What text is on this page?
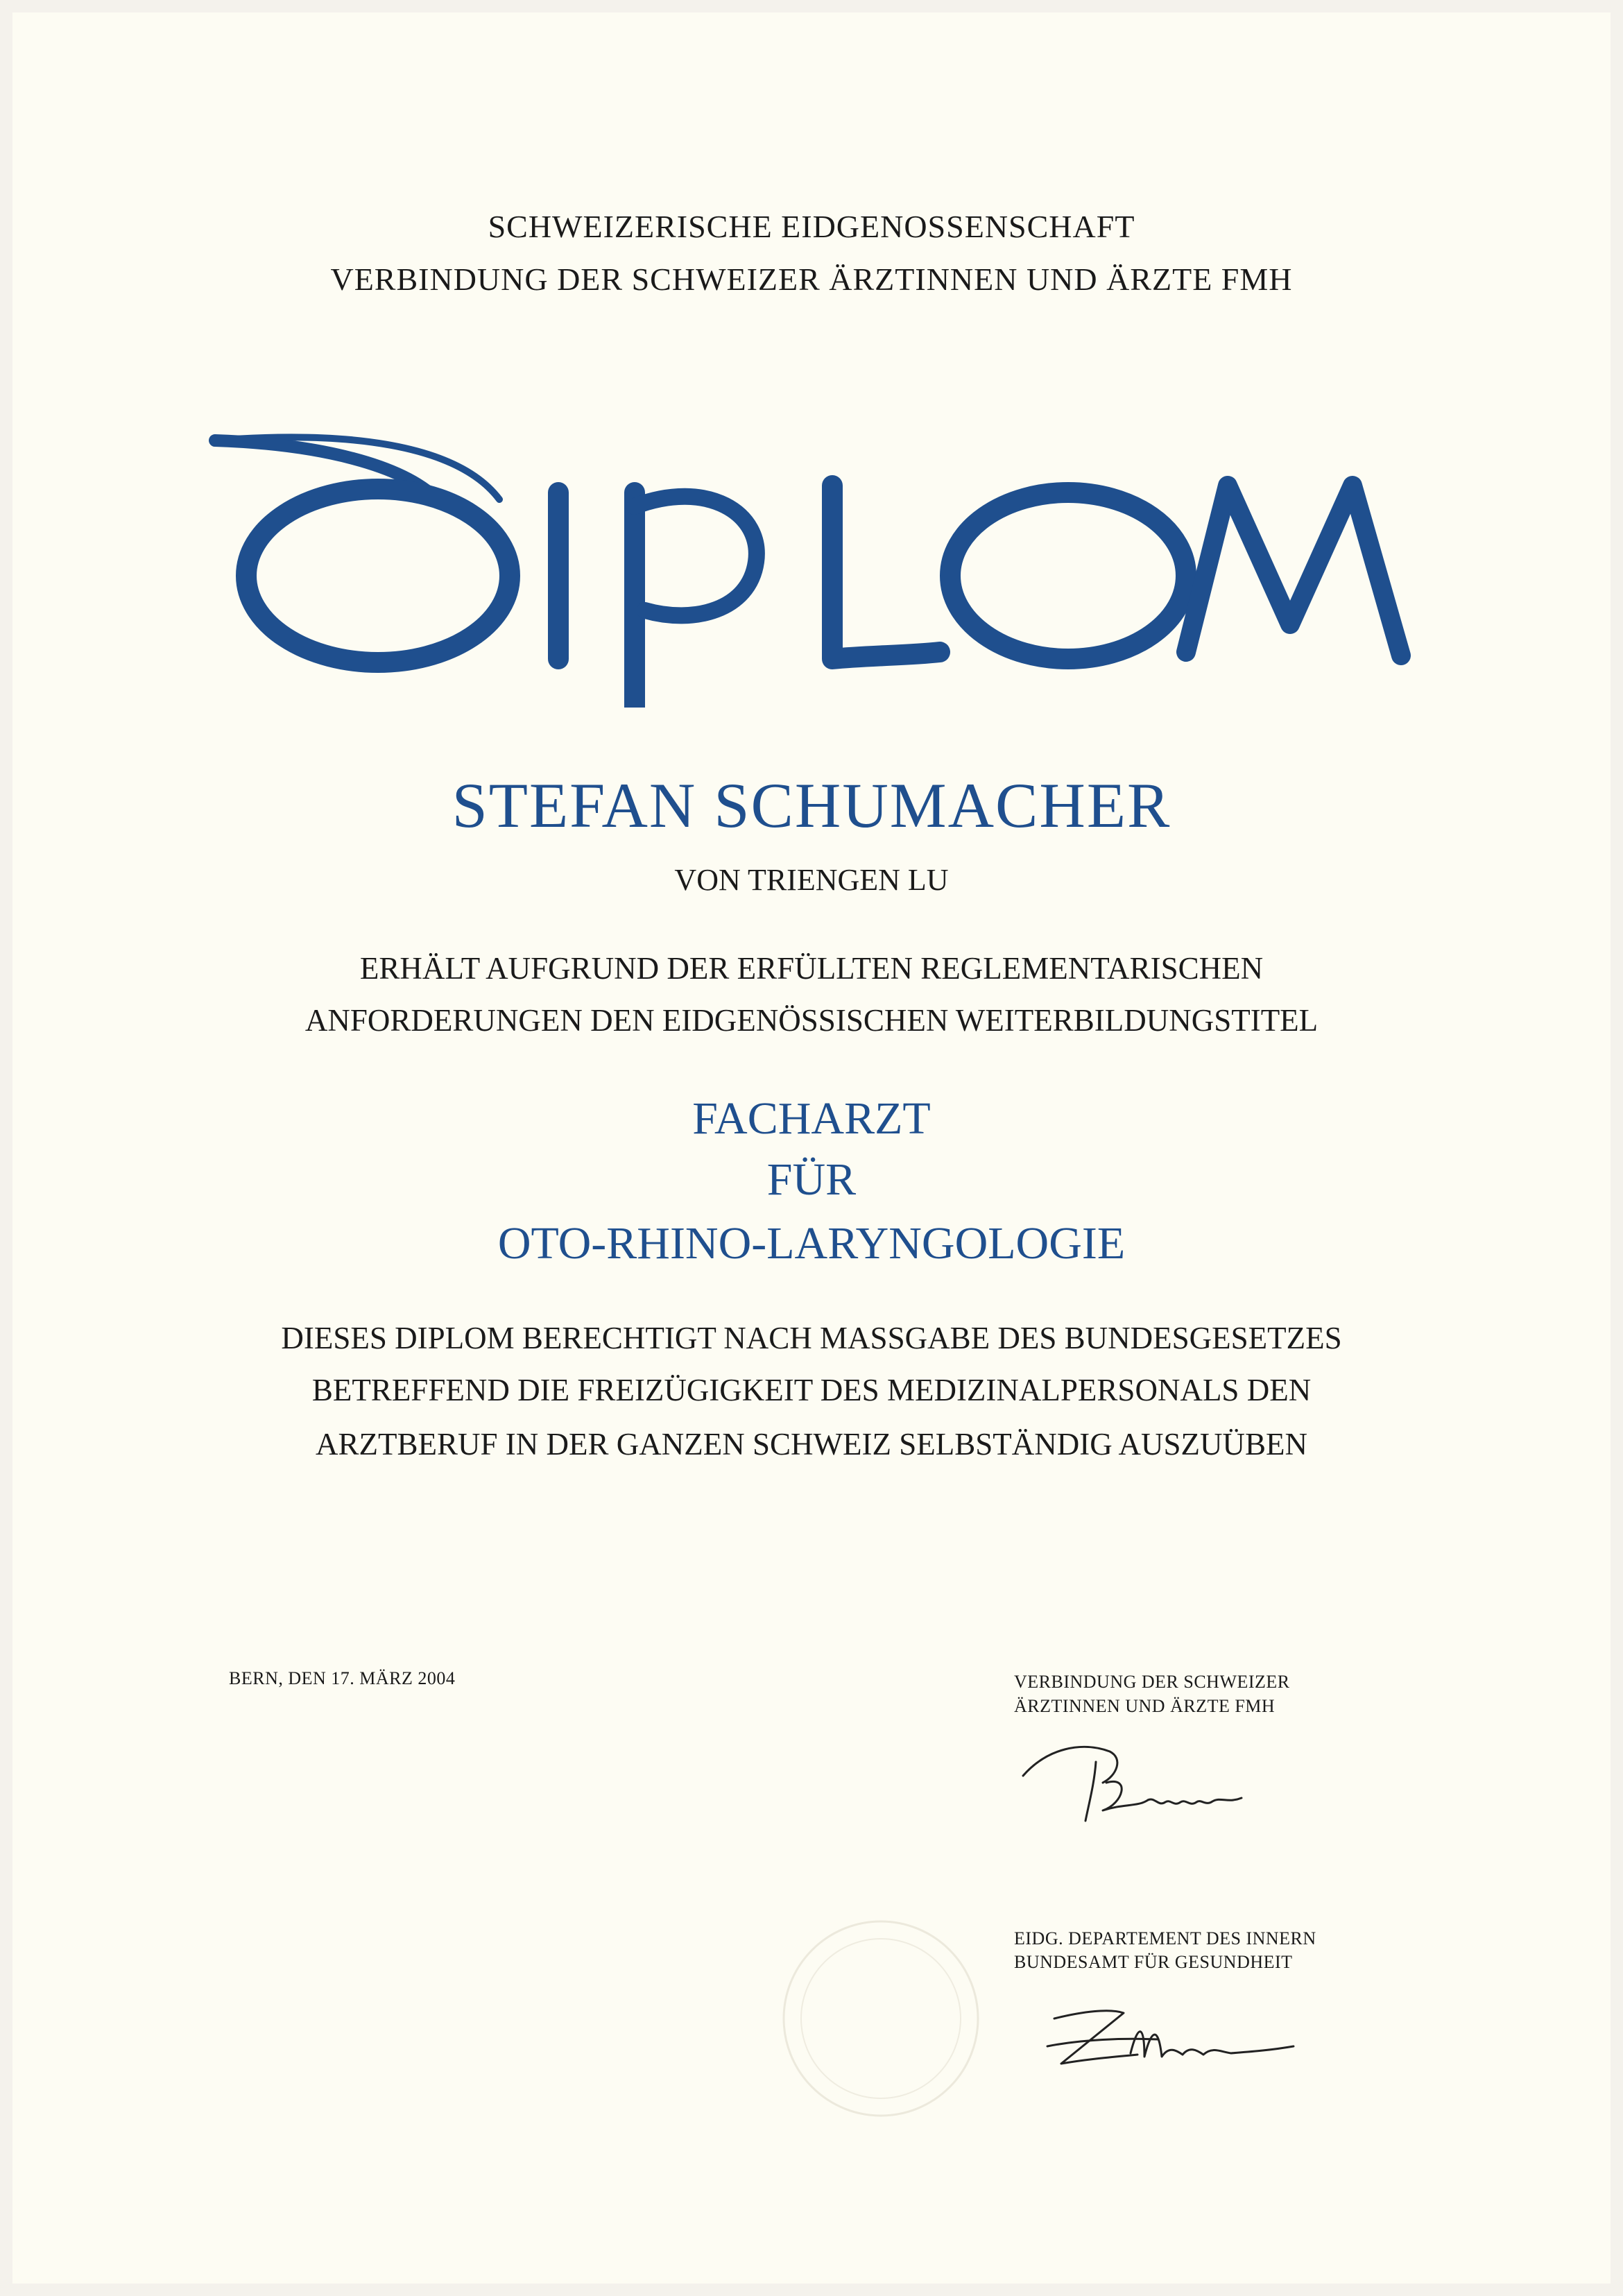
SCHWEIZERISCHE EIDGENOSSENSCHAFT
VERBINDUNG DER SCHWEIZER ÄRZTINNEN UND ÄRZTE FMH
STEFAN SCHUMACHER
VON TRIENGEN LU
ERHÄLT AUFGRUND DER ERFÜLLTEN REGLEMENTARISCHEN
ANFORDERUNGEN DEN EIDGENÖSSISCHEN WEITERBILDUNGSTITEL
FACHARZT
FÜR
OTO-RHINO-LARYNGOLOGIE
DIESES DIPLOM BERECHTIGT NACH MASSGABE DES BUNDESGESETZES
BETREFFEND DIE FREIZÜGIGKEIT DES MEDIZINALPERSONALS DEN
ARZTBERUF IN DER GANZEN SCHWEIZ SELBSTÄNDIG AUSZUÜBEN
BERN, DEN 17. MÄRZ 2004	VERBINDUNG DER SCHWEIZER
ÄRZTINNEN UND ÄRZTE FMH
EIDG. DEPARTEMENT DES INNERN
BUNDESAMT FÜR GESUNDHEIT
